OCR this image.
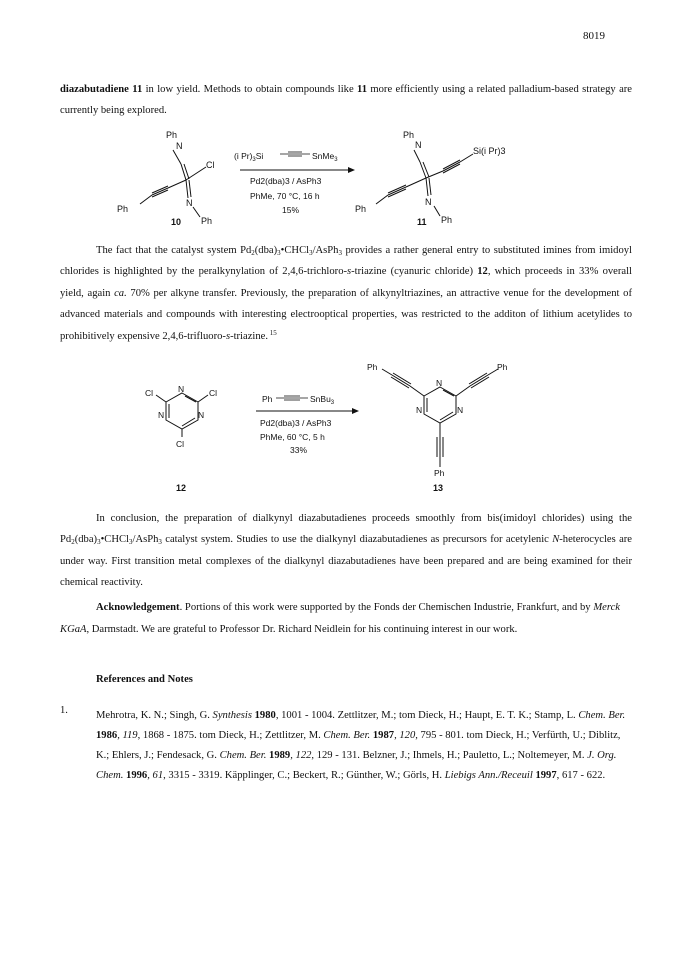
8019

diazabutadiene 11 in low yield. Methods to obtain compounds like 11 more efficiently using a related palladium-based strategy are currently being explored.

Ph
N
Cl
Ph
N
Ph
10
(i $Pr)_3Si$	SnMe$_3$
Pd2(dba)3 / AsPh3
PhMe, 70 °C, 16 h
15%
Ph
N
Si(i Pr)3
Ph
N
Ph
11

The fact that the catalyst system $Pd_2(dba)_3•CHCl_3/AsPh_3$ provides a rather general entry to substituted imines from imidoyl chlorides is highlighted by the peralkynylation of 2,4,6-trichloro-s-triazine (cyanuric chloride) 12, which proceeds in 33% overall yield, again ca. 70% per alkyne transfer. Previously, the preparation of alkynyltriazines, an attractive venue for the development of advanced materials and compounds with interesting electrooptical properties, was restricted to the additon of lithium acetylides to prohibitively expensive 2,4,6-trifluoro-s-triazine. $^{15}$

Cl	N	Cl
N	N
Cl
12
Ph	SnBu$_3$
Pd2(dba)3 / AsPh3
PhMe, 60 °C, 5 h
33%
Ph	Ph
N
N	N
Ph
13

In conclusion, the preparation of dialkynyl diazabutadienes proceeds smoothly from bis(imidoyl chlorides) using the $Pd_2(dba)_3•CHCl_3/AsPh_3$ catalyst system. Studies to use the dialkynyl diazabutadienes as precursors for acetylenic N-heterocycles are under way. First transition metal complexes of the dialkynyl diazabutadienes have been prepared and are being examined for their chemical reactivity.

Acknowledgement. Portions of this work were supported by the Fonds der Chemischen Industrie, Frankfurt, and by Merck KGaA, Darmstadt. We are grateful to Professor Dr. Richard Neidlein for his continuing interest in our work.
References and Notes
1.	Mehrotra, K. N.; Singh, G. Synthesis 1980, 1001 - 1004. Zettlitzer, M.; tom Dieck, H.; Haupt, E. T. K.; Stamp, L. Chem. Ber. 1986, 119, 1868 - 1875. tom Dieck, H.; Zettlitzer, M. Chem. Ber. 1987, 120, 795 - 801. tom Dieck, H.; Verfürth, U.; Diblitz, K.; Ehlers, J.; Fendesack, G. Chem. Ber. 1989, 122, 129 - 131. Belzner, J.; Ihmels, H.; Pauletto, L.; Noltemeyer, M. J. Org. Chem. 1996, 61, 3315 - 3319. Käpplinger, C.; Beckert, R.; Günther, W.; Görls, H. Liebigs Ann./Receuil 1997, 617 - 622.
